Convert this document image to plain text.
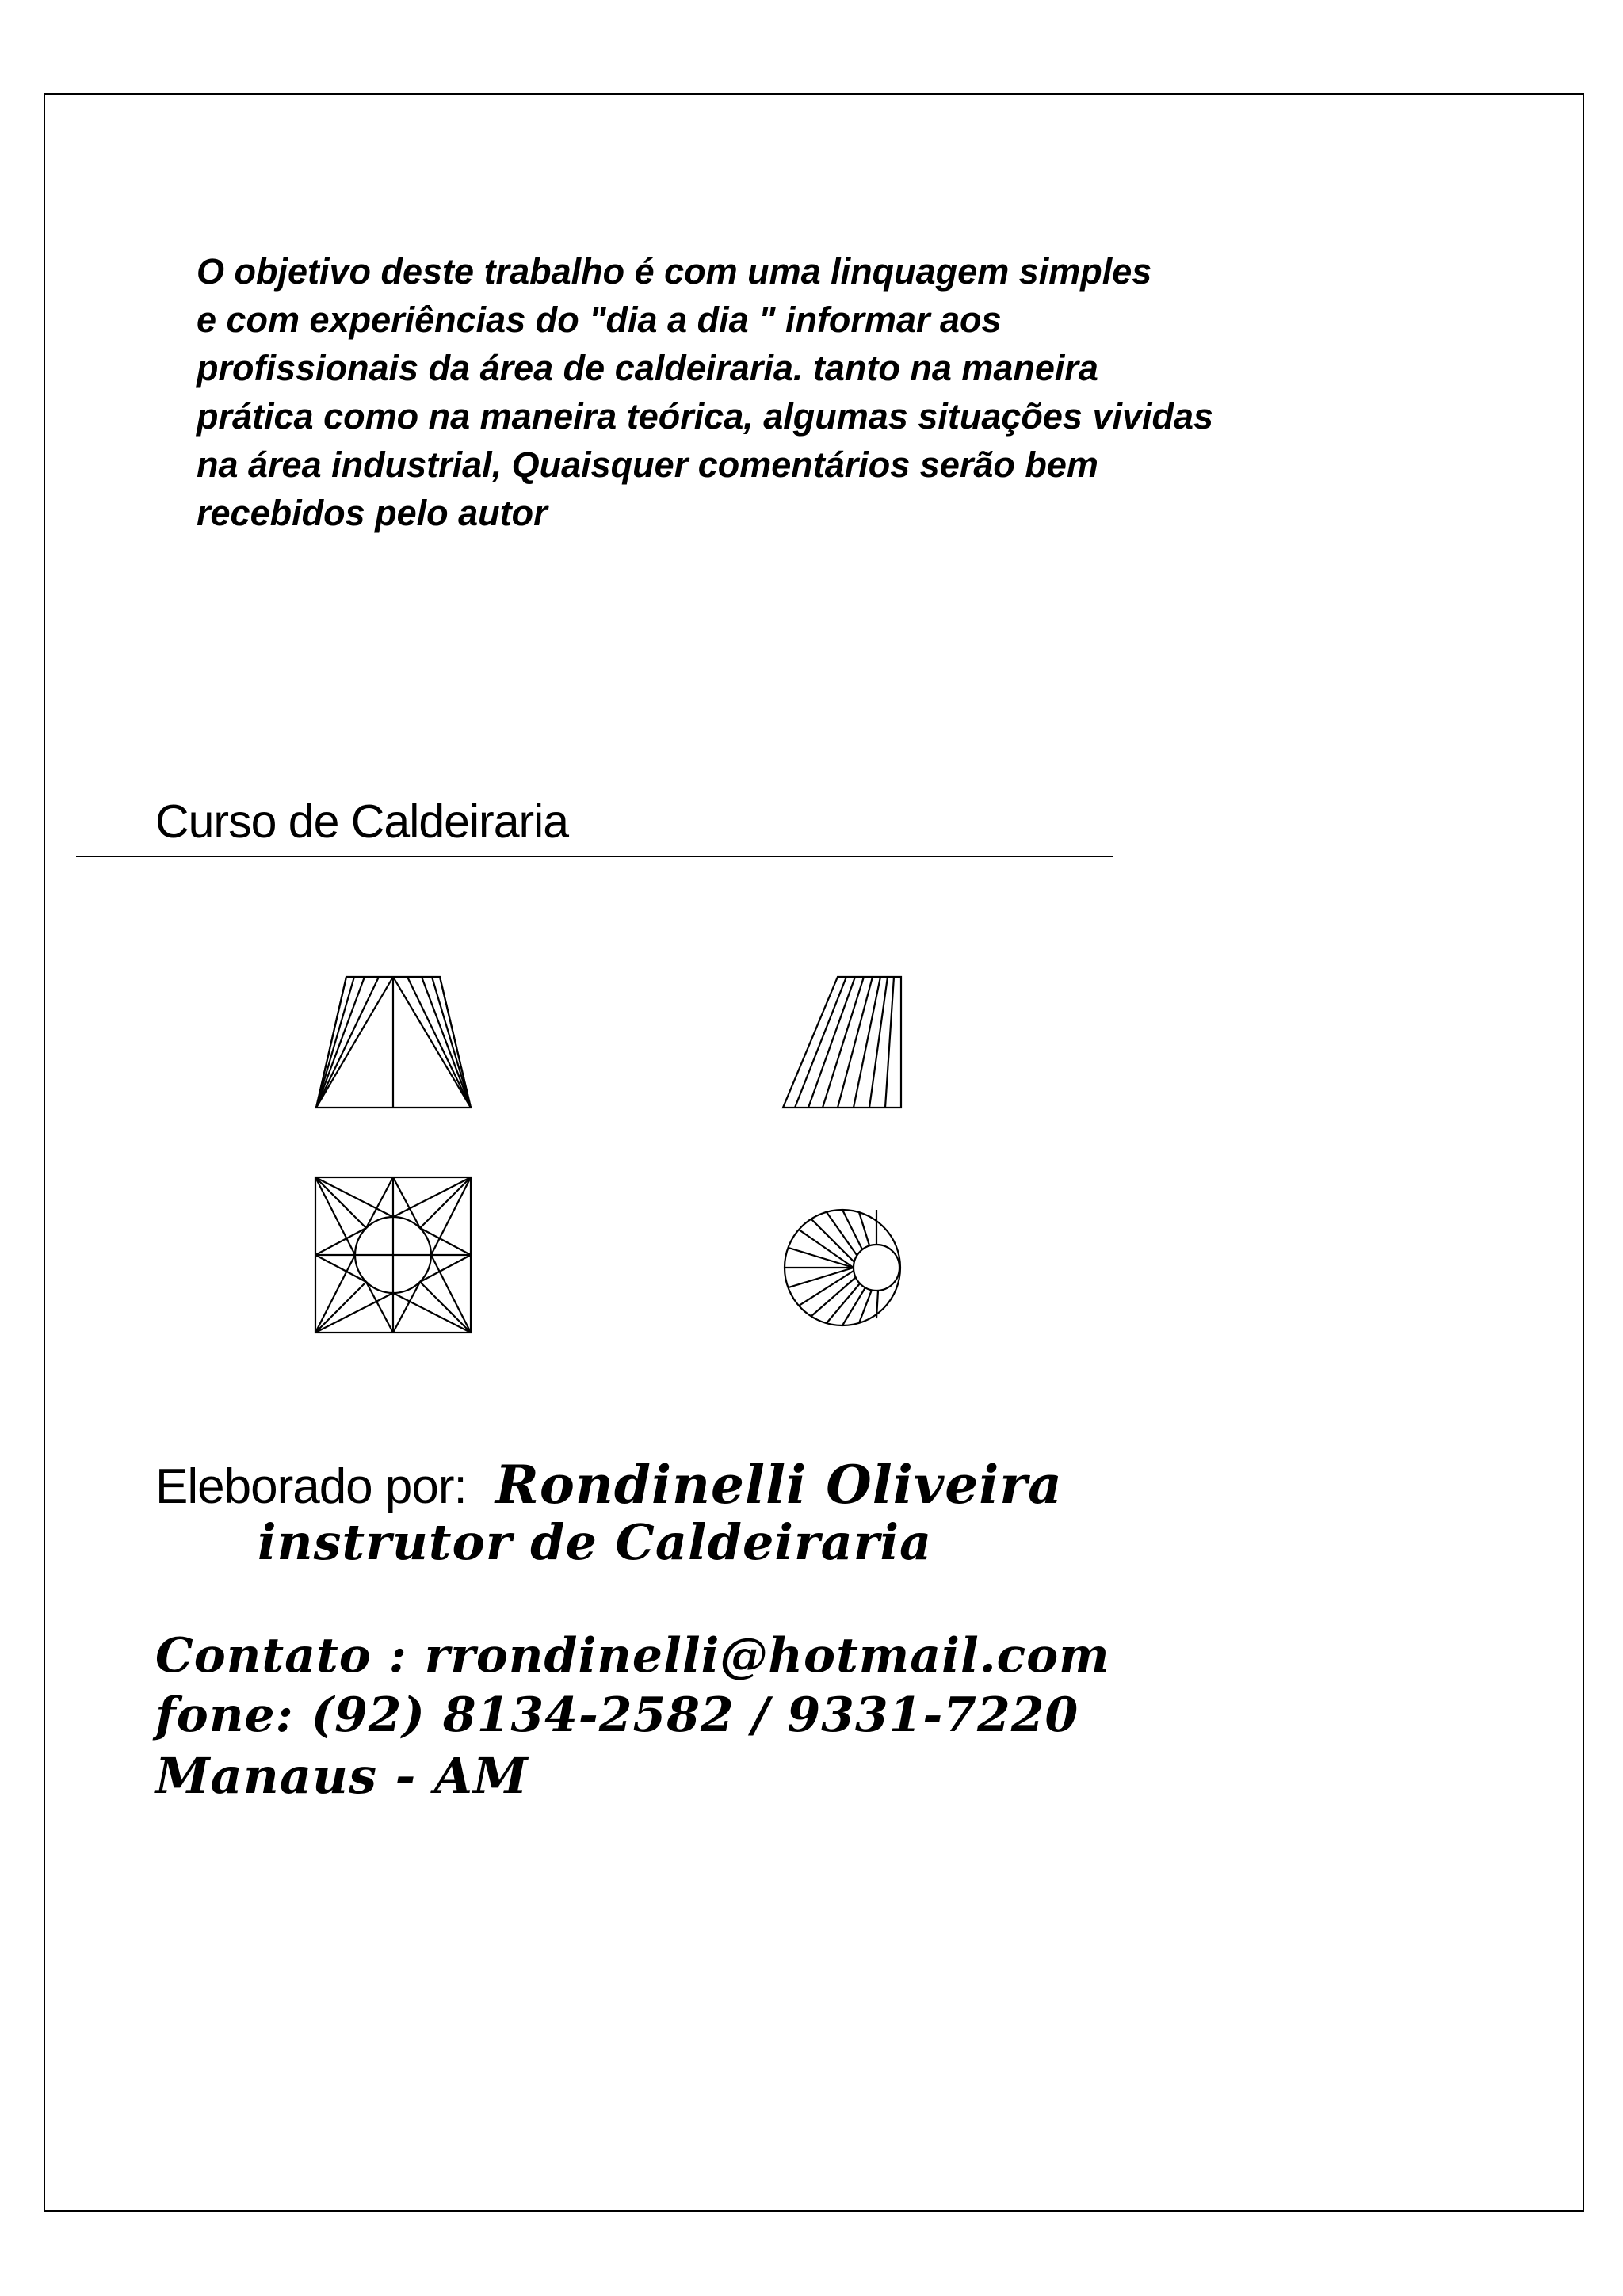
O objetivo deste trabalho é com uma linquagem simples
e com experiências do "dia a dia " informar aos
profissionais da área de caldeiraria. tanto na maneira
prática como na maneira teórica, algumas situações vividas
na área industrial, Quaisquer comentários serão bem
recebidos pelo autor
Curso de Caldeiraria
Eleborado por: Rondinelli Oliveira
instrutor de Caldeiraria
Contato : rrondinelli@hotmail.com
fone: (92) 8134-2582 / 9331-7220
Manaus - AM
